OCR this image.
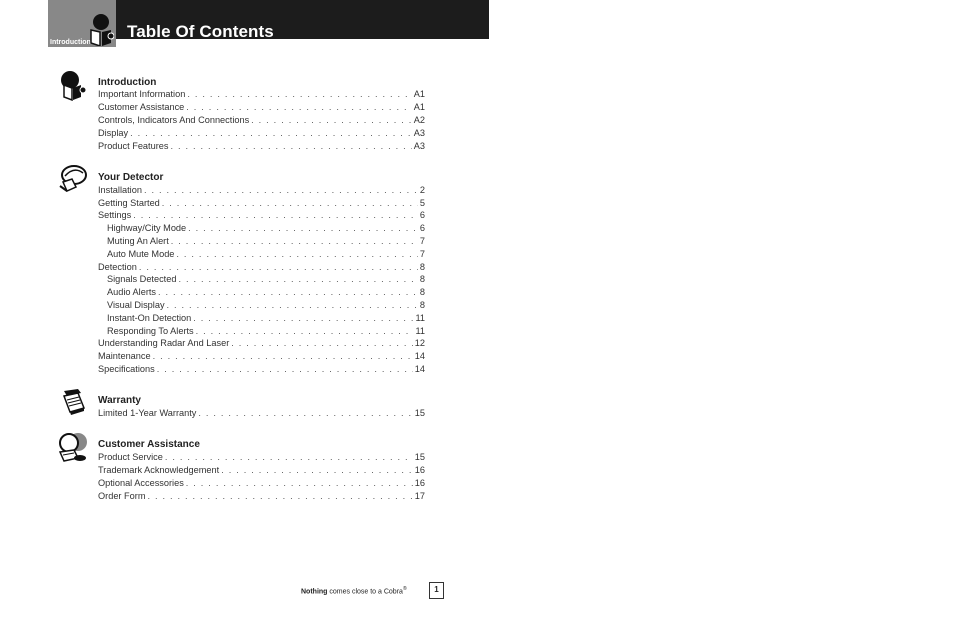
Introduction
Table Of Contents
Introduction
Important Information . . .	A1
Customer Assistance . . .	A1
Controls, Indicators And Connections . . .	A2
Display . . .	A3
Product Features . . .	A3
Your Detector
Installation . . .	2
Getting Started . . .	5
Settings . . .	6
Highway/City Mode . . .	6
Muting An Alert . . .	7
Auto Mute Mode . . .	7
Detection . . .	8
Signals Detected . . .	8
Audio Alerts . . .	8
Visual Display . . .	8
Instant-On Detection . . .	11
Responding To Alerts . . .	11
Understanding Radar And Laser . . .	12
Maintenance . . .	14
Specifications . . .	14
Warranty
Limited 1-Year Warranty . . .	15
Customer Assistance
Product Service . . .	15
Trademark Acknowledgement . . .	16
Optional Accessories . . .	16
Order Form . . .	17
Nothing comes close to a Cobra®	1
